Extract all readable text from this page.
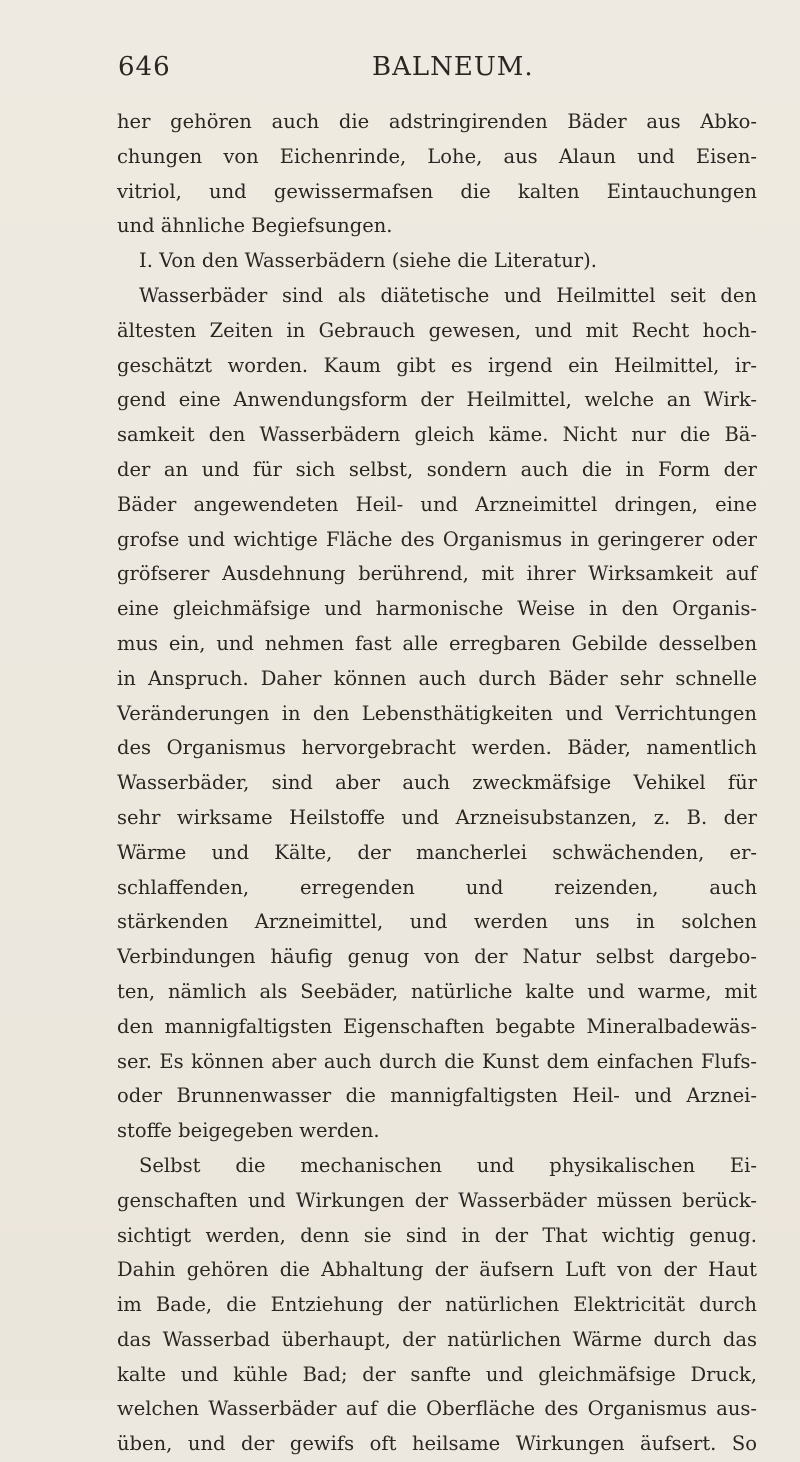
646	BALNEUM.
her gehören auch die adstringirenden Bäder aus Abko-
chungen von Eichenrinde, Lohe, aus Alaun und Eisen-
vitriol, und gewissermafsen die kalten Eintauchungen
und ähnliche Begiefsungen.
I. Von den Wasserbädern (siehe die Literatur).
Wasserbäder sind als diätetische und Heilmittel seit den
ältesten Zeiten in Gebrauch gewesen, und mit Recht hoch-
geschätzt worden. Kaum gibt es irgend ein Heilmittel, ir-
gend eine Anwendungsform der Heilmittel, welche an Wirk-
samkeit den Wasserbädern gleich käme. Nicht nur die Bä-
der an und für sich selbst, sondern auch die in Form der
Bäder angewendeten Heil- und Arzneimittel dringen, eine
grofse und wichtige Fläche des Organismus in geringerer oder
gröfserer Ausdehnung berührend, mit ihrer Wirksamkeit auf
eine gleichmäfsige und harmonische Weise in den Organis-
mus ein, und nehmen fast alle erregbaren Gebilde desselben
in Anspruch. Daher können auch durch Bäder sehr schnelle
Veränderungen in den Lebensthätigkeiten und Verrichtungen
des Organismus hervorgebracht werden. Bäder, namentlich
Wasserbäder, sind aber auch zweckmäfsige Vehikel für
sehr wirksame Heilstoffe und Arzneisubstanzen, z. B. der
Wärme und Kälte, der mancherlei schwächenden, er-
schlaffenden, erregenden und reizenden, auch
stärkenden Arzneimittel, und werden uns in solchen
Verbindungen häufig genug von der Natur selbst dargebo-
ten, nämlich als Seebäder, natürliche kalte und warme, mit
den mannigfaltigsten Eigenschaften begabte Mineralbadewäs-
ser. Es können aber auch durch die Kunst dem einfachen Flufs-
oder Brunnenwasser die mannigfaltigsten Heil- und Arznei-
stoffe beigegeben werden.
Selbst die mechanischen und physikalischen Ei-
genschaften und Wirkungen der Wasserbäder müssen berück-
sichtigt werden, denn sie sind in der That wichtig genug.
Dahin gehören die Abhaltung der äufsern Luft von der Haut
im Bade, die Entziehung der natürlichen Elektricität durch
das Wasserbad überhaupt, der natürlichen Wärme durch das
kalte und kühle Bad; der sanfte und gleichmäfsige Druck,
welchen Wasserbäder auf die Oberfläche des Organismus aus-
üben, und der gewifs oft heilsame Wirkungen äufsert. So
